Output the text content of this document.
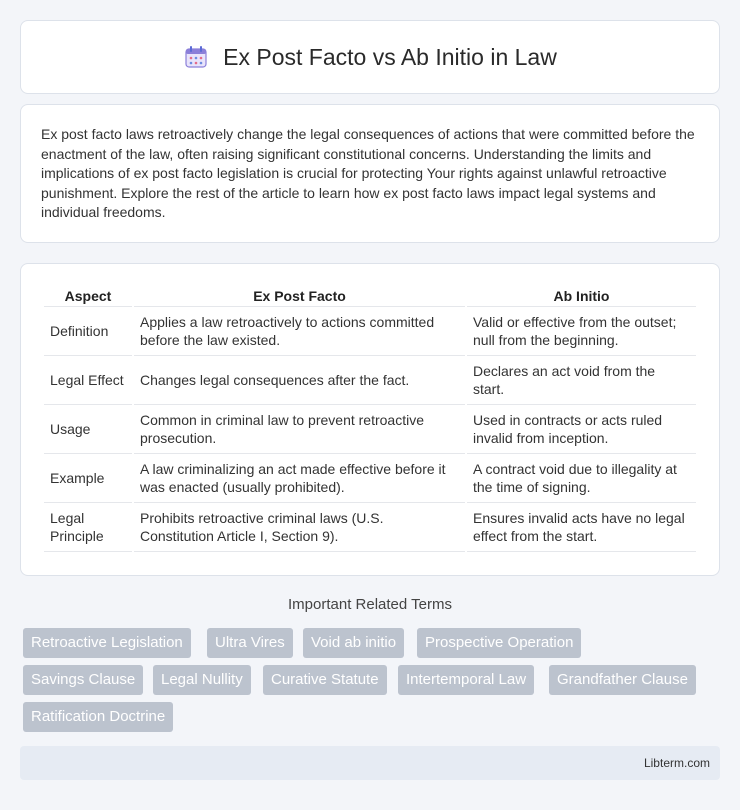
Ex Post Facto vs Ab Initio in Law

Ex post facto laws retroactively change the legal consequences of actions that were committed before the enactment of the law, often raising significant constitutional concerns. Understanding the limits and implications of ex post facto legislation is crucial for protecting Your rights against unlawful retroactive punishment. Explore the rest of the article to learn how ex post facto laws impact legal systems and individual freedoms.

Aspect	Ex Post Facto	Ab Initio
Definition	Applies a law retroactively to actions committed before the law existed.	Valid or effective from the outset; null from the beginning.
Legal Effect	Changes legal consequences after the fact.	Declares an act void from the start.
Usage	Common in criminal law to prevent retroactive prosecution.	Used in contracts or acts ruled invalid from inception.
Example	A law criminalizing an act made effective before it was enacted (usually prohibited).	A contract void due to illegality at the time of signing.
Legal Principle	Prohibits retroactive criminal laws (U.S. Constitution Article I, Section 9).	Ensures invalid acts have no legal effect from the start.
Important Related Terms
Retroactive Legislation	Ultra Vires	Void ab initio	Prospective Operation
Savings Clause	Legal Nullity	Curative Statute	Intertemporal Law	Grandfather Clause
Ratification Doctrine
Libterm.com
